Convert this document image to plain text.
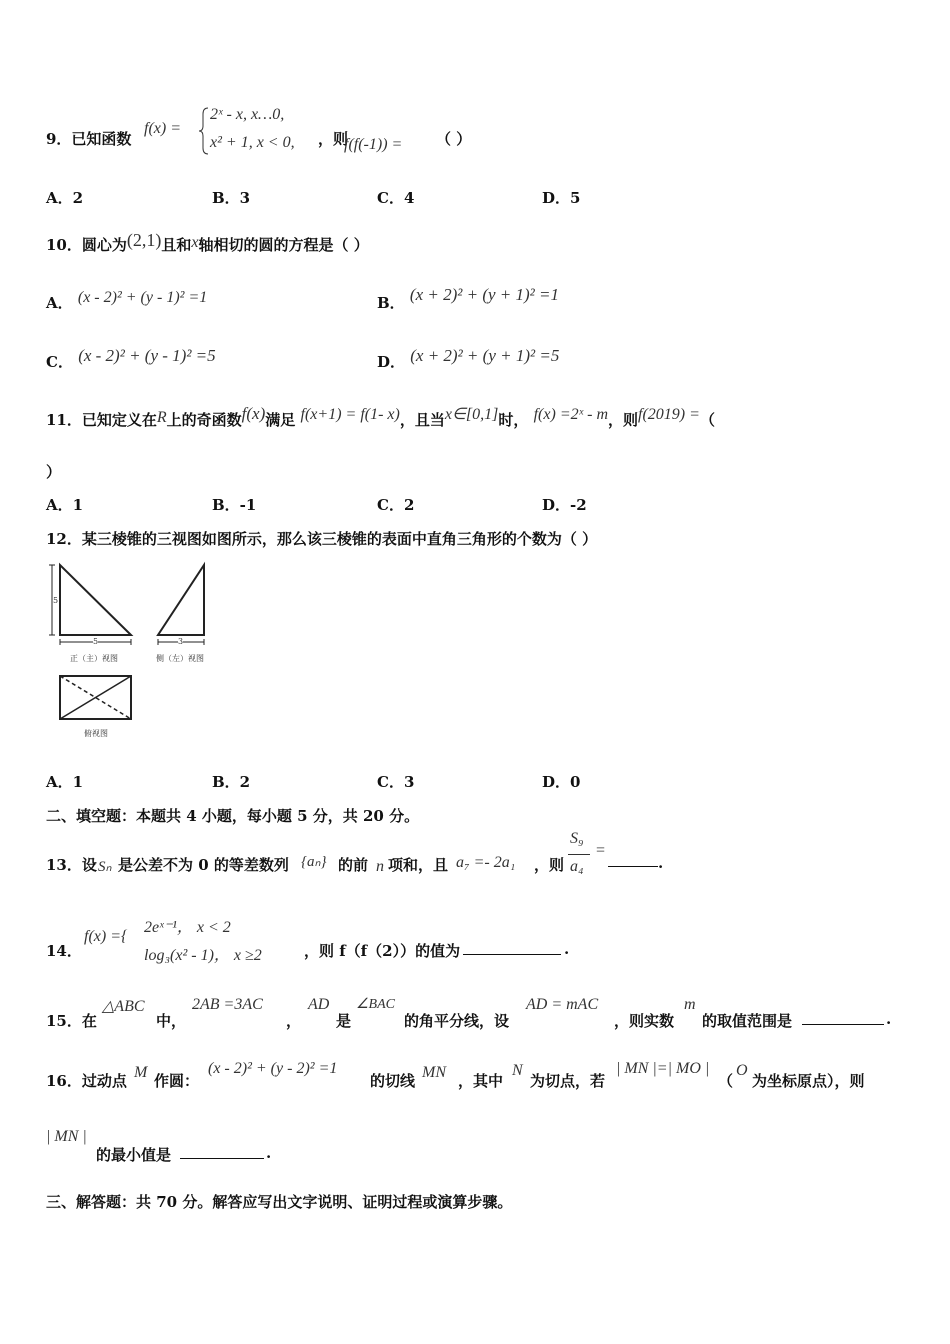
9．已知函数
f(x) =
2ˣ - x, x…0,
x² + 1, x < 0, ，则
f(f(-1)) = （ ）
A．2	B．3	C．4	D．5
10．圆心为(2,1)且和x轴相切的圆的方程是（ ）
A． (x - 2)² + (y - 1)² =1	B． (x + 2)² + (y + 1)² =1
C． (x - 2)² + (y - 1)² =5	D． (x + 2)² + (y + 1)² =5
11．已知定义在R上的奇函数f(x)满足 f(x+1) = f(1- x)，且当x∈[0,1]时， f(x) =2ˣ - m，则f(2019) =（
）
A．1	B．-1	C．2	D．-2
12．某三棱锥的三视图如图所示，那么该三棱锥的表面中直角三角形的个数为（ ）
5
5	3
正（主）视图	侧（左）视图
俯视图
A．1	B．2	C．3	D．0
二、填空题：本题共 4 小题，每小题 5 分，共 20 分。
13．设 Sₙ 是公差不为 0 的等差数列 {aₙ} 的前 n 项和，且 a₇ =- 2a₁ ，则
S₉
a₄
=
.
14．
f(x) ={
2eˣ⁻¹， x < 2
log₃(x² - 1)， x ≥2	，则 f（f（2））的值为	.
15．在
△ABC
中，
2AB =3AC
，
AD
是
∠BAC
的角平分线，设
AD = mAC
，则实数
m
的取值范围是	.
16．过动点 M 作圆：
(x - 2)² + (y - 2)² =1
的切线 MN ，其中
N
为切点，若
| MN |=| MO |
（
O
为坐标原点），则
| MN |
的最小值是	.
三、解答题：共 70 分。解答应写出文字说明、证明过程或演算步骤。
